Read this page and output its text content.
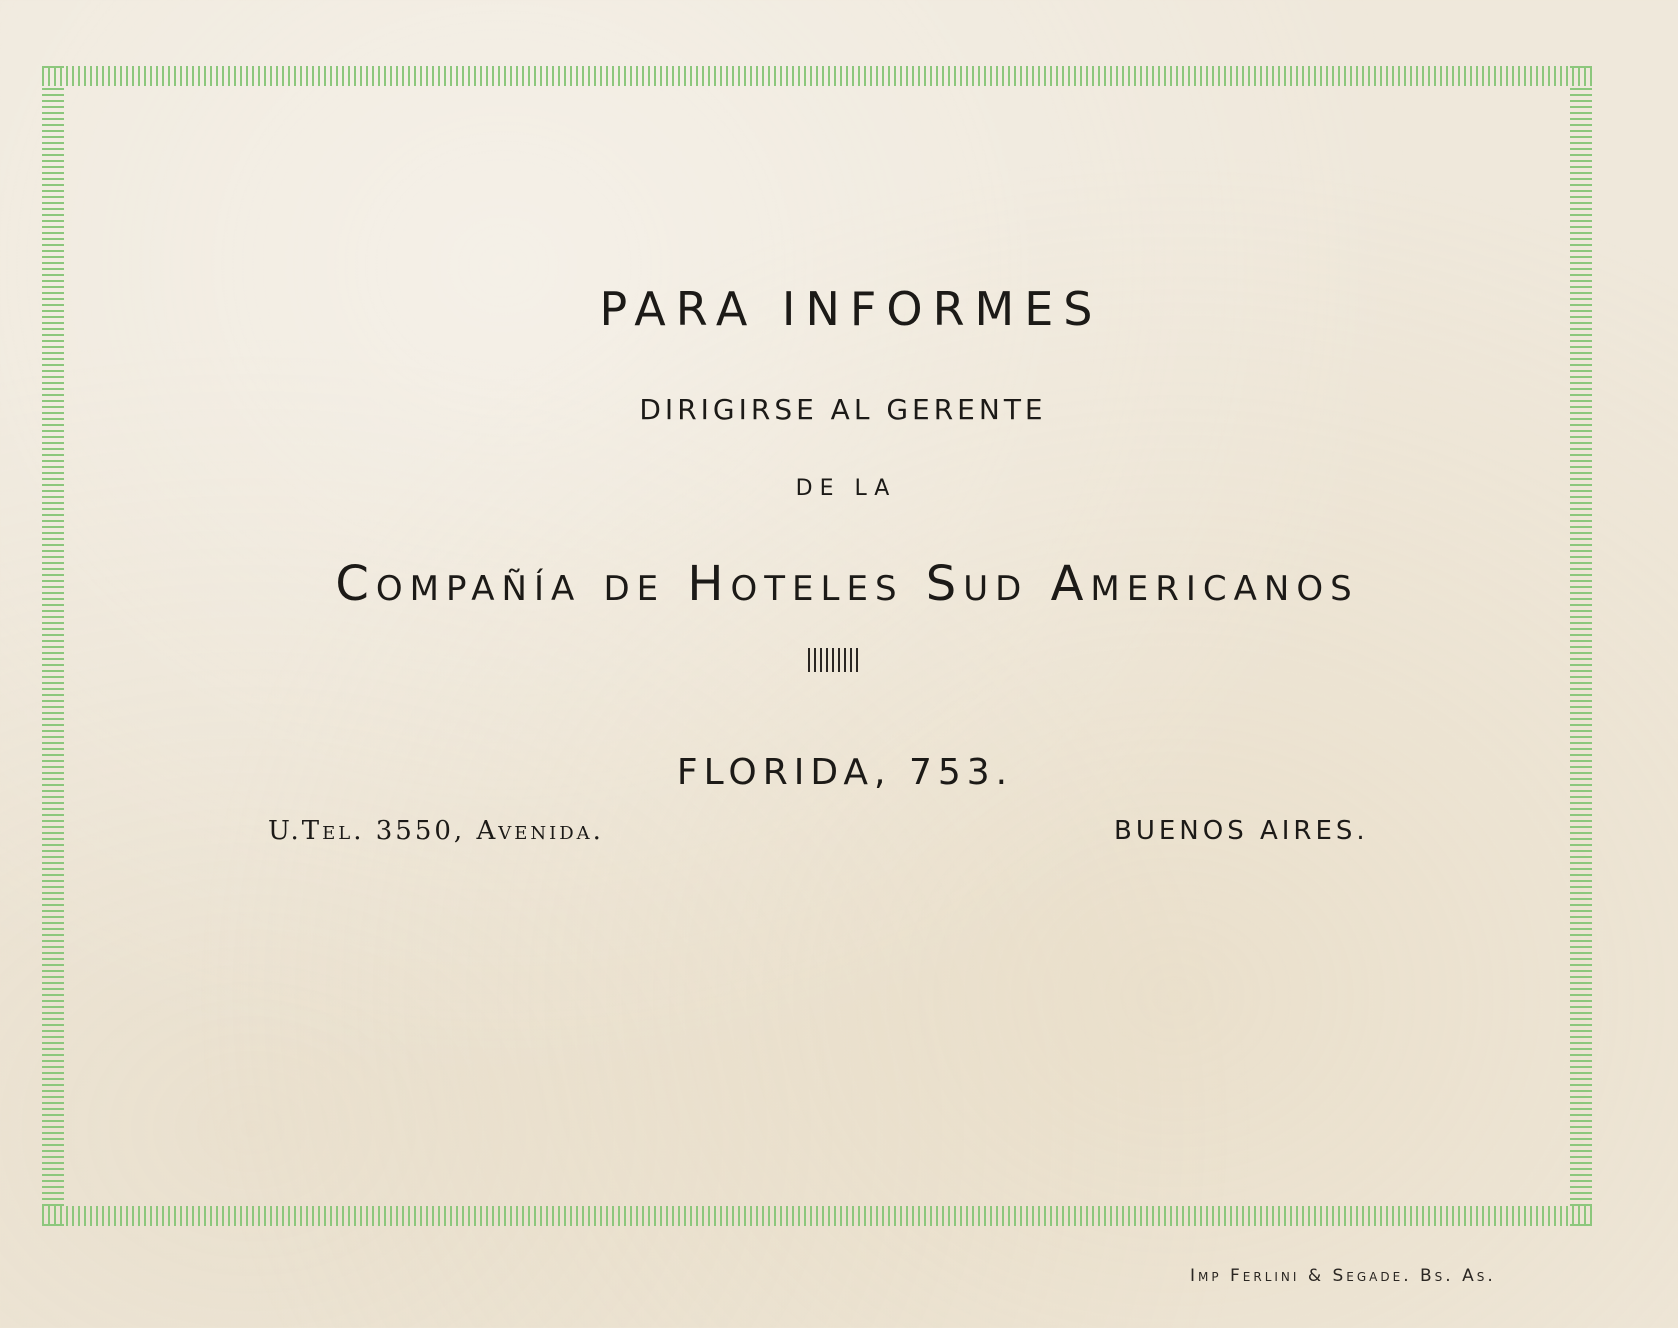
PARA INFORMES
DIRIGIRSE AL GERENTE
DE LA
Compañía de Hoteles Sud Americanos
FLORIDA, 753.
U.Tel. 3550, Avenida.	BUENOS AIRES.
Imp Ferlini & Segade. Bs. As.
